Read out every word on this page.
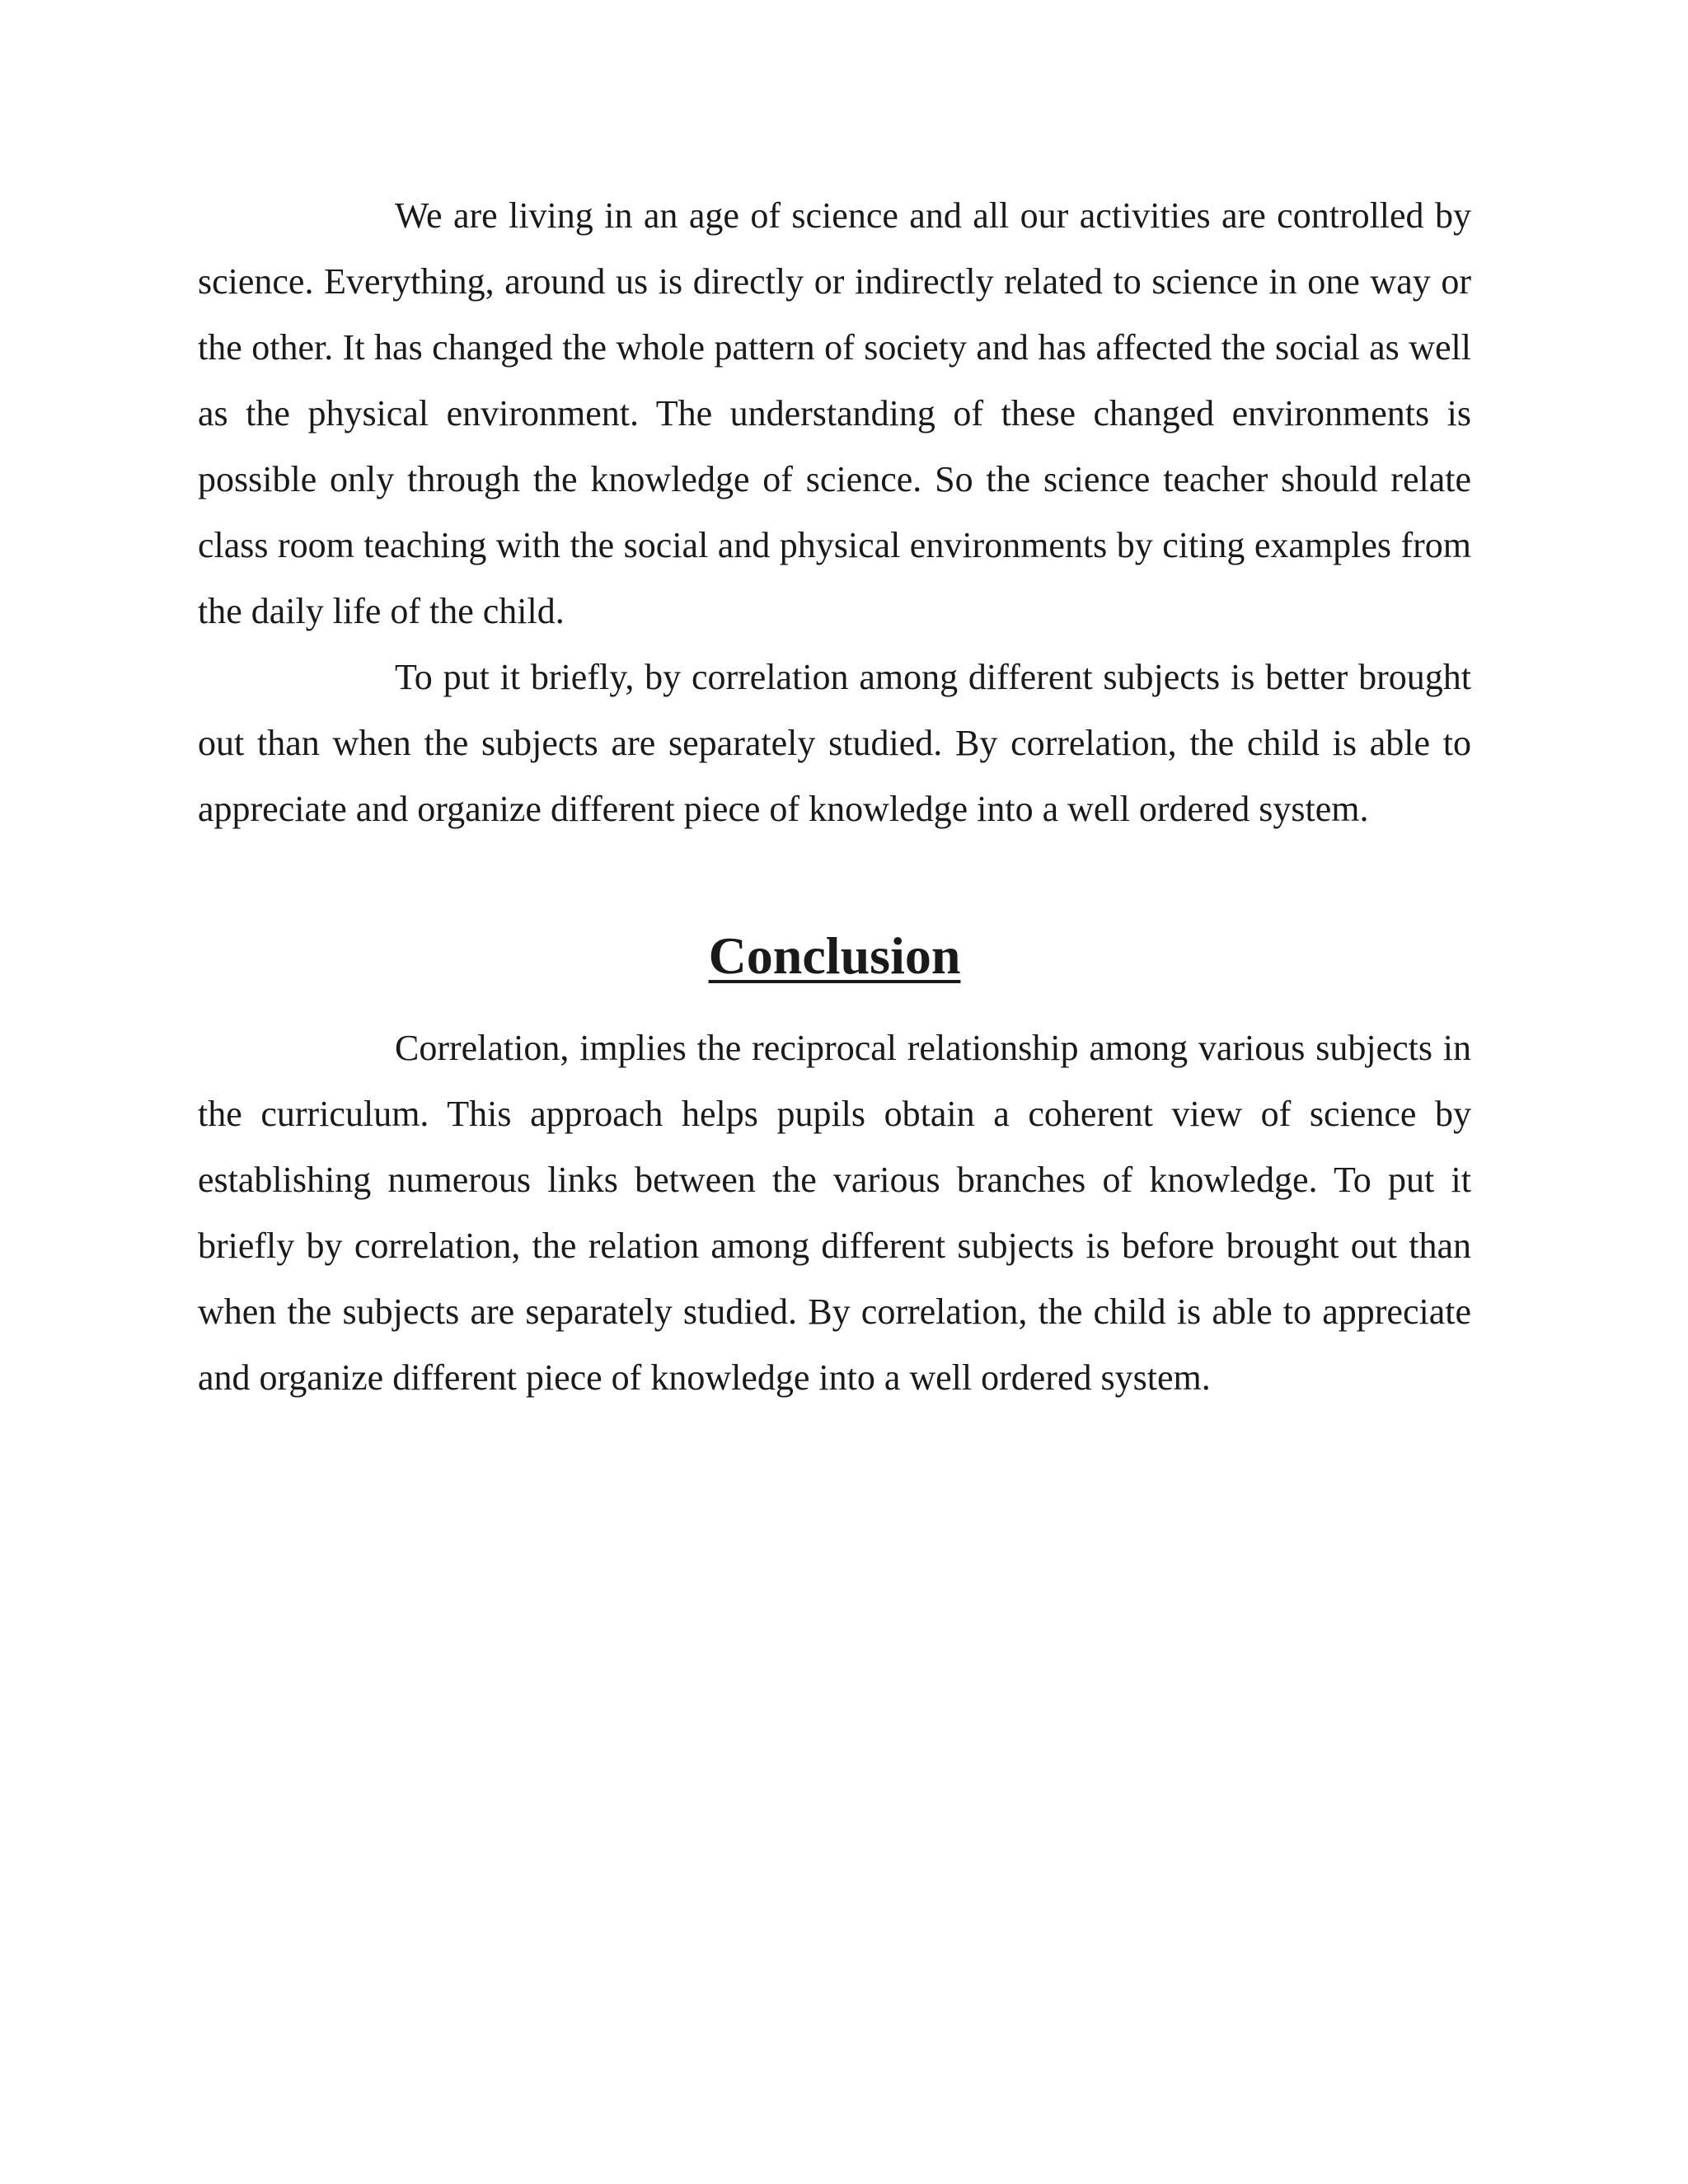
We are living in an age of science and all our activities are controlled by science. Everything, around us is directly or indirectly related to science in one way or the other. It has changed the whole pattern of society and has affected the social as well as the physical environment. The understanding of these changed environments is possible only through the knowledge of science. So the science teacher should relate class room teaching with the social and physical environments by citing examples from the daily life of the child.

To put it briefly, by correlation among different subjects is better brought out than when the subjects are separately studied. By correlation, the child is able to appreciate and organize different piece of knowledge into a well ordered system.

Conclusion

Correlation, implies the reciprocal relationship among various subjects in the curriculum. This approach helps pupils obtain a coherent view of science by establishing numerous links between the various branches of knowledge. To put it briefly by correlation, the relation among different subjects is before brought out than when the subjects are separately studied. By correlation, the child is able to appreciate and organize different piece of knowledge into a well ordered system.
